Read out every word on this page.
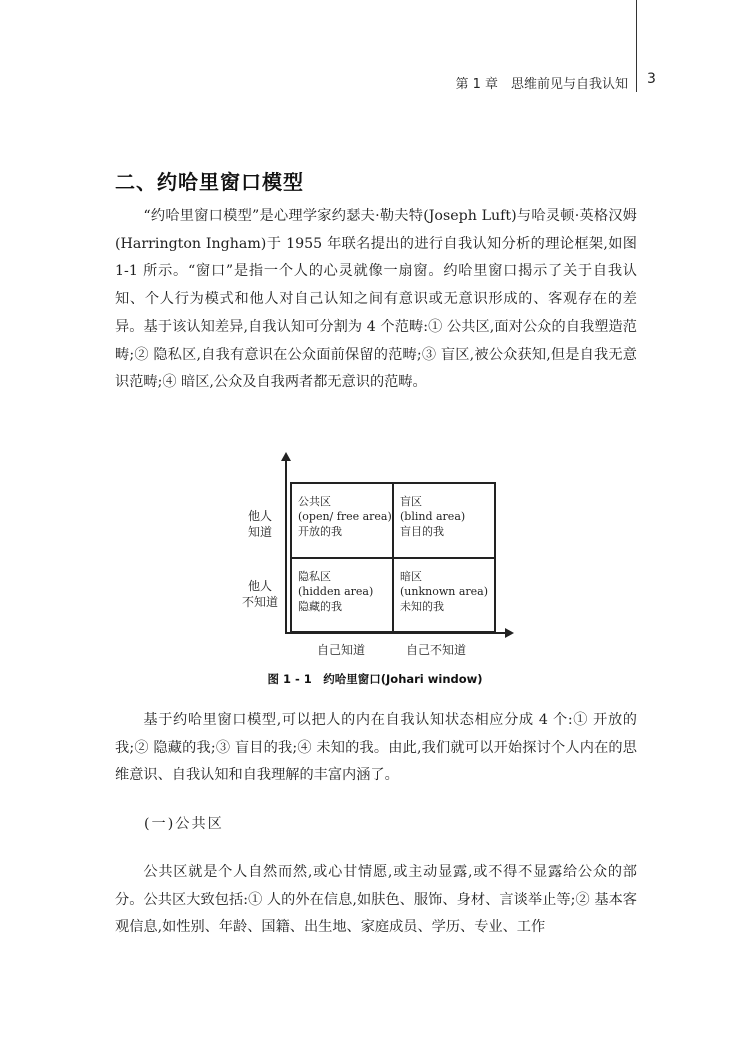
第 1 章　思维前见与自我认知 3
二、约哈里窗口模型

“约哈里窗口模型”是心理学家约瑟夫·勒夫特(Joseph Luft)与哈灵顿·英格汉姆(Harrington Ingham)于 1955 年联名提出的进行自我认知分析的理论框架,如图 1‑1 所示。“窗口”是指一个人的心灵就像一扇窗。约哈里窗口揭示了关于自我认知、个人行为模式和他人对自己认知之间有意识或无意识形成的、客观存在的差异。基于该认知差异,自我认知可分割为 4 个范畴:① 公共区,面对公众的自我塑造范畴;② 隐私区,自我有意识在公众面前保留的范畴;③ 盲区,被公众获知,但是自我无意识范畴;④ 暗区,公众及自我两者都无意识的范畴。

他人
知道
他人
不知道
公共区
(open/ free area)
开放的我
盲区
(blind area)
盲目的我
隐私区
(hidden area)
隐藏的我
暗区
(unknown area)
未知的我
自己知道	自己不知道

图 1 - 1　约哈里窗口(Johari window)

基于约哈里窗口模型,可以把人的内在自我认知状态相应分成 4 个:① 开放的我;② 隐藏的我;③ 盲目的我;④ 未知的我。由此,我们就可以开始探讨个人内在的思维意识、自我认知和自我理解的丰富内涵了。

(一)公共区

公共区就是个人自然而然,或心甘情愿,或主动显露,或不得不显露给公众的部分。公共区大致包括:① 人的外在信息,如肤色、服饰、身材、言谈举止等;② 基本客观信息,如性别、年龄、国籍、出生地、家庭成员、学历、专业、工作
